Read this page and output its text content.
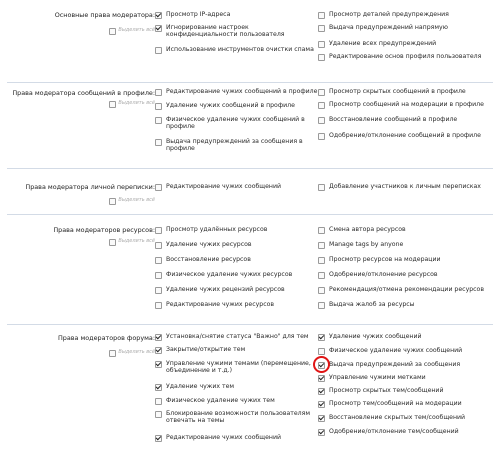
Основные права модератора:
Выделить всё
Просмотр IP-адреса
Игнорирование настроек конфиденциальности пользователя
Использование инструментов очистки спама
Просмотр деталей предупреждения
Выдача предупреждений напрямую
Удаление всех предупреждений
Редактирование основ профиля пользователя
Права модератора сообщений в профиле:
Выделить всё
Редактирование чужих сообщений в профиле
Удаление чужих сообщений в профиле
Физическое удаление чужих сообщений в профиле
Выдача предупреждений за сообщения в профиле
Просмотр скрытых сообщений в профиле
Просмотр сообщений на модерации в профиле
Восстановление сообщений в профиле
Одобрение/отклонение сообщений в профиле
Права модератора личной переписки:
Выделить всё
Редактирование чужих сообщений	Добавление участников к личным переписках
Права модераторов ресурсов:
Выделить всё
Просмотр удалённых ресурсов
Удаление чужих ресурсов
Восстановление ресурсов
Физическое удаление чужих ресурсов
Удаление чужих рецензий ресурсов
Редактирование чужих ресурсов
Смена автора ресурсов
Manage tags by anyone
Просмотр ресурсов на модерации
Одобрение/отклонение ресурсов
Рекомендация/отмена рекомендации ресурсов
Выдача жалоб за ресурсы
Права модераторов форума:
Выделить всё
Установка/снятие статуса "Важно" для тем
Закрытие/открытие тем
Управление чужими темами (перемещение, объединение и т.д.)
Удаление чужих тем
Физическое удаление чужих тем
Блокирование возможности пользователям отвечать на темы
Редактирование чужих сообщений
Удаление чужих сообщений
Физическое удаление чужих сообщений
Выдача предупреждений за сообщения
Управление чужими метками
Просмотр скрытых тем/сообщений
Просмотр тем/сообщений на модерации
Восстановление скрытых тем/сообщений
Одобрение/отклонение тем/сообщений
